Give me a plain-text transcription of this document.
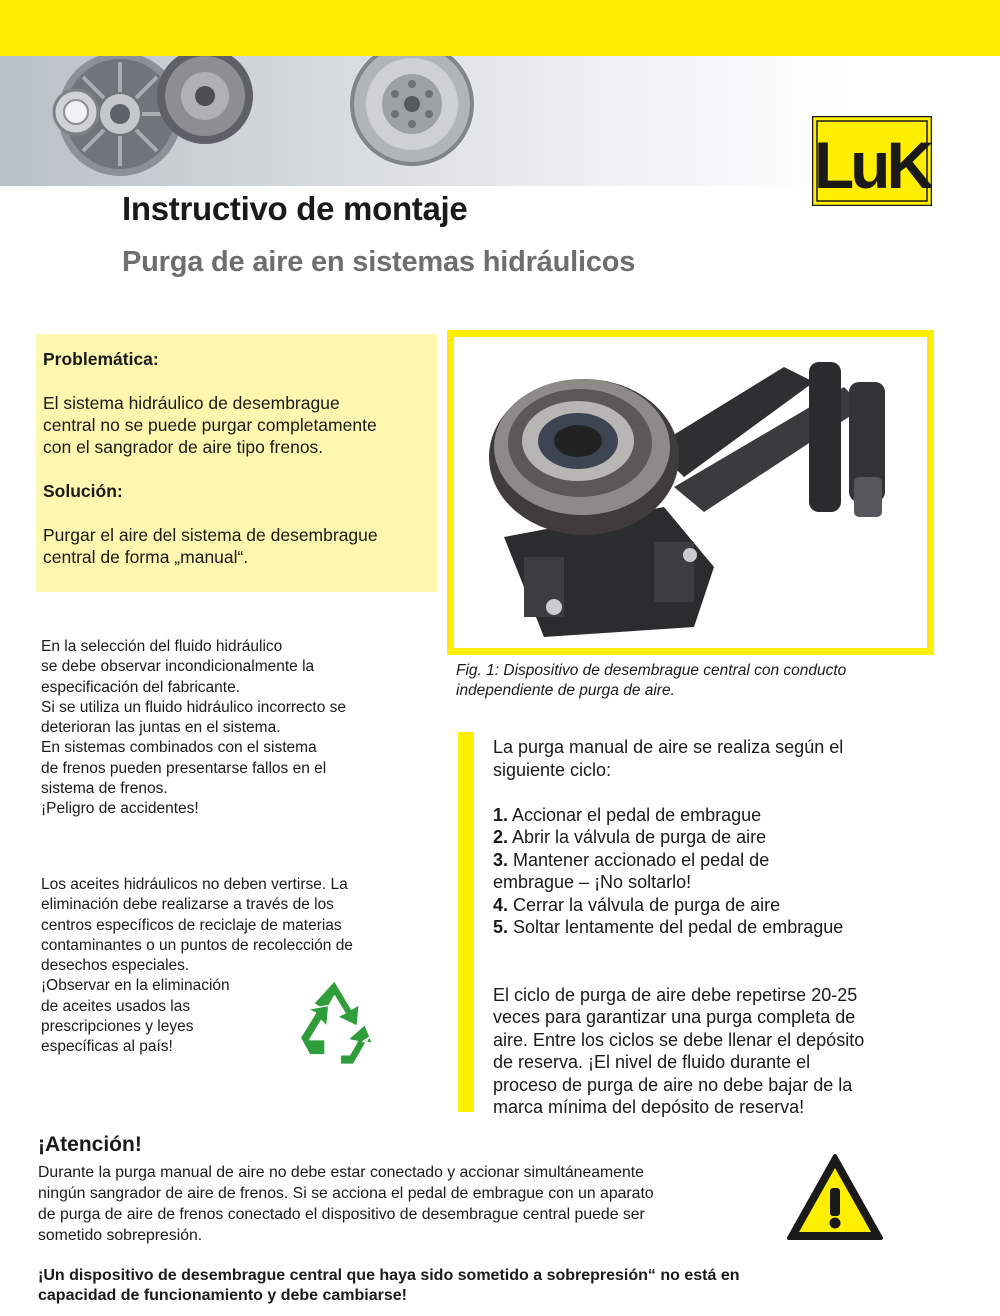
LuK
Instructivo de montaje
Purga de aire en sistemas hidráulicos

Problemática:

El sistema hidráulico de desembrague

central no se puede purgar completamente

con el sangrador de aire tipo frenos.

Solución:

Purgar el aire del sistema de desembrague

central de forma „manual“.

Fig. 1: Dispositivo de desembrague central con conducto
independiente de purga de aire.
En la selección del fluido hidráulico
se debe observar incondicionalmente la
especificación del fabricante.
Si se utiliza un fluido hidráulico incorrecto se
deterioran las juntas en el sistema.
En sistemas combinados con el sistema
de frenos pueden presentarse fallos en el
sistema de frenos.
¡Peligro de accidentes!
Los aceites hidráulicos no deben vertirse. La
eliminación debe realizarse a través de los
centros específicos de reciclaje de materias
contaminantes o un puntos de recolección de
desechos especiales.
¡Observar en la eliminación
de aceites usados las
prescripciones y leyes
específicas al país!
La purga manual de aire se realiza según el
siguiente ciclo:

1. Accionar el pedal de embrague
2. Abrir la válvula de purga de aire
3. Mantener accionado el pedal de
embrague – ¡No soltarlo!
4. Cerrar la válvula de purga de aire
5. Soltar lentamente del pedal de embrague

El ciclo de purga de aire debe repetirse 20-25
veces para garantizar una purga completa de
aire. Entre los ciclos se debe llenar el depósito
de reserva. ¡El nivel de fluido durante el
proceso de purga de aire no debe bajar de la
marca mínima del depósito de reserva!
¡Atención!
Durante la purga manual de aire no debe estar conectado y accionar simultáneamente
ningún sangrador de aire de frenos. Si se acciona el pedal de embrague con un aparato
de purga de aire de frenos conectado el dispositivo de desembrague central puede ser
sometido sobrepresión.
¡Un dispositivo de desembrague central que haya sido sometido a sobrepresión“ no está en
capacidad de funcionamiento y debe cambiarse!
